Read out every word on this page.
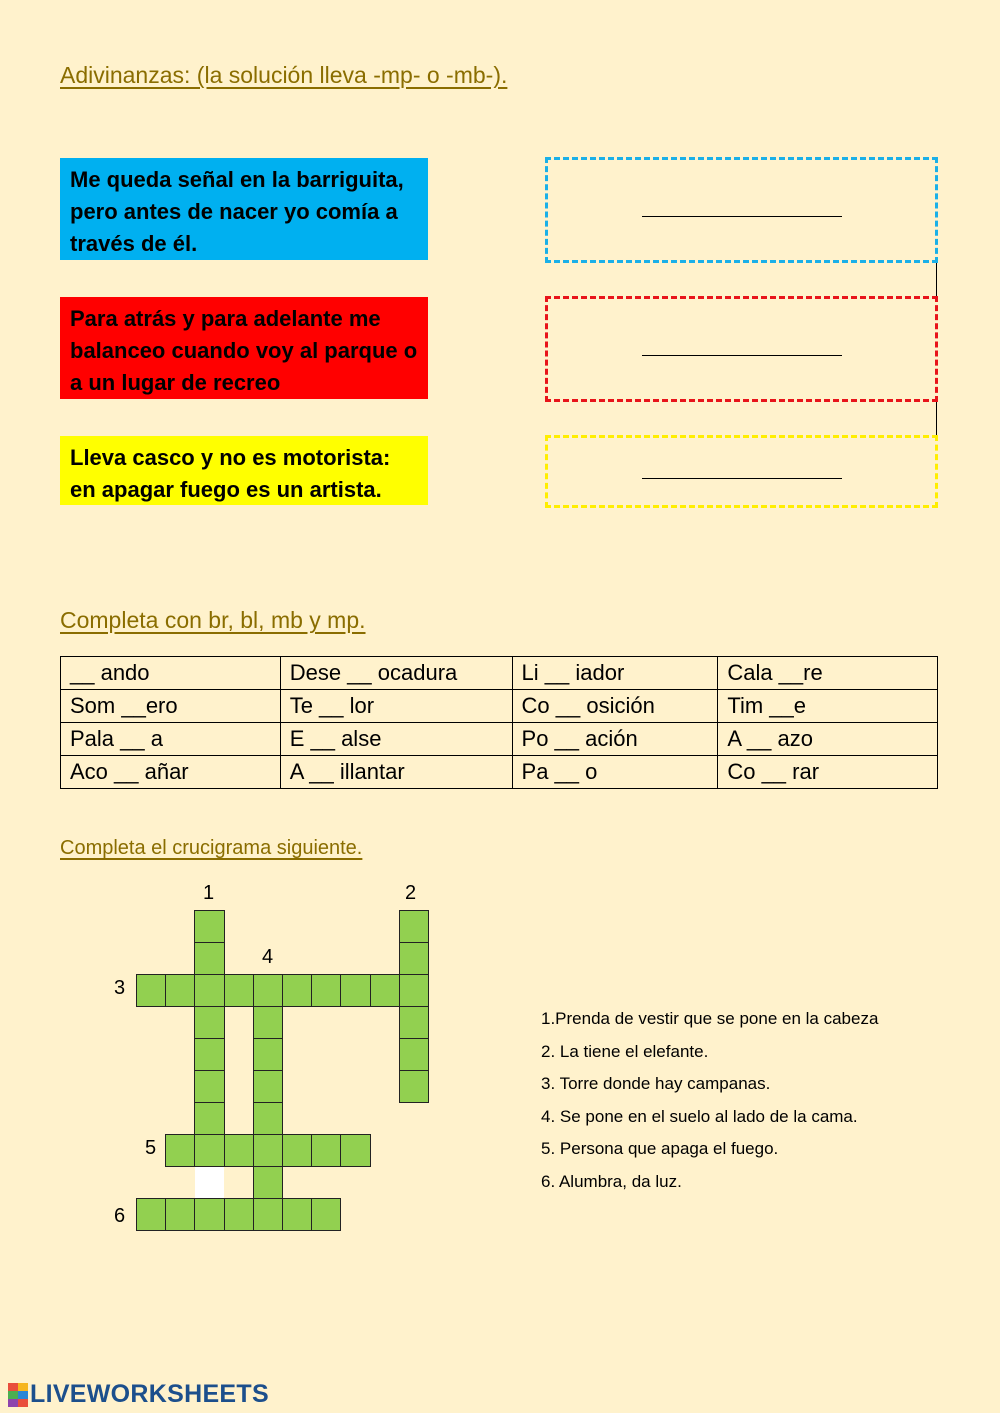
Adivinanzas: (la solución lleva -mp- o -mb-).
Me queda señal en la barriguita, pero antes de nacer yo comía a través de él.
Para atrás y para adelante me balanceo cuando voy al parque o a un lugar de recreo
Lleva casco y no es motorista: en apagar fuego es un artista.
Completa con br, bl, mb y mp.
__ ando	Dese __ ocadura	Li __ iador	Cala __re
Som __ero	Te __ lor	Co __ osición	Tim __e
Pala __ a	E __ alse	Po __ ación	A __ azo
Aco __ añar	A __ illantar	Pa __ o	Co __ rar
Completa el crucigrama siguiente.
1	2
3
4
5
6
1.Prenda de vestir que se pone en la cabeza
2. La tiene el elefante.
3. Torre donde hay campanas.
4. Se pone en el suelo al lado de la cama.
5. Persona que apaga el fuego.
6. Alumbra, da luz.
LIVEWORKSHEETS
